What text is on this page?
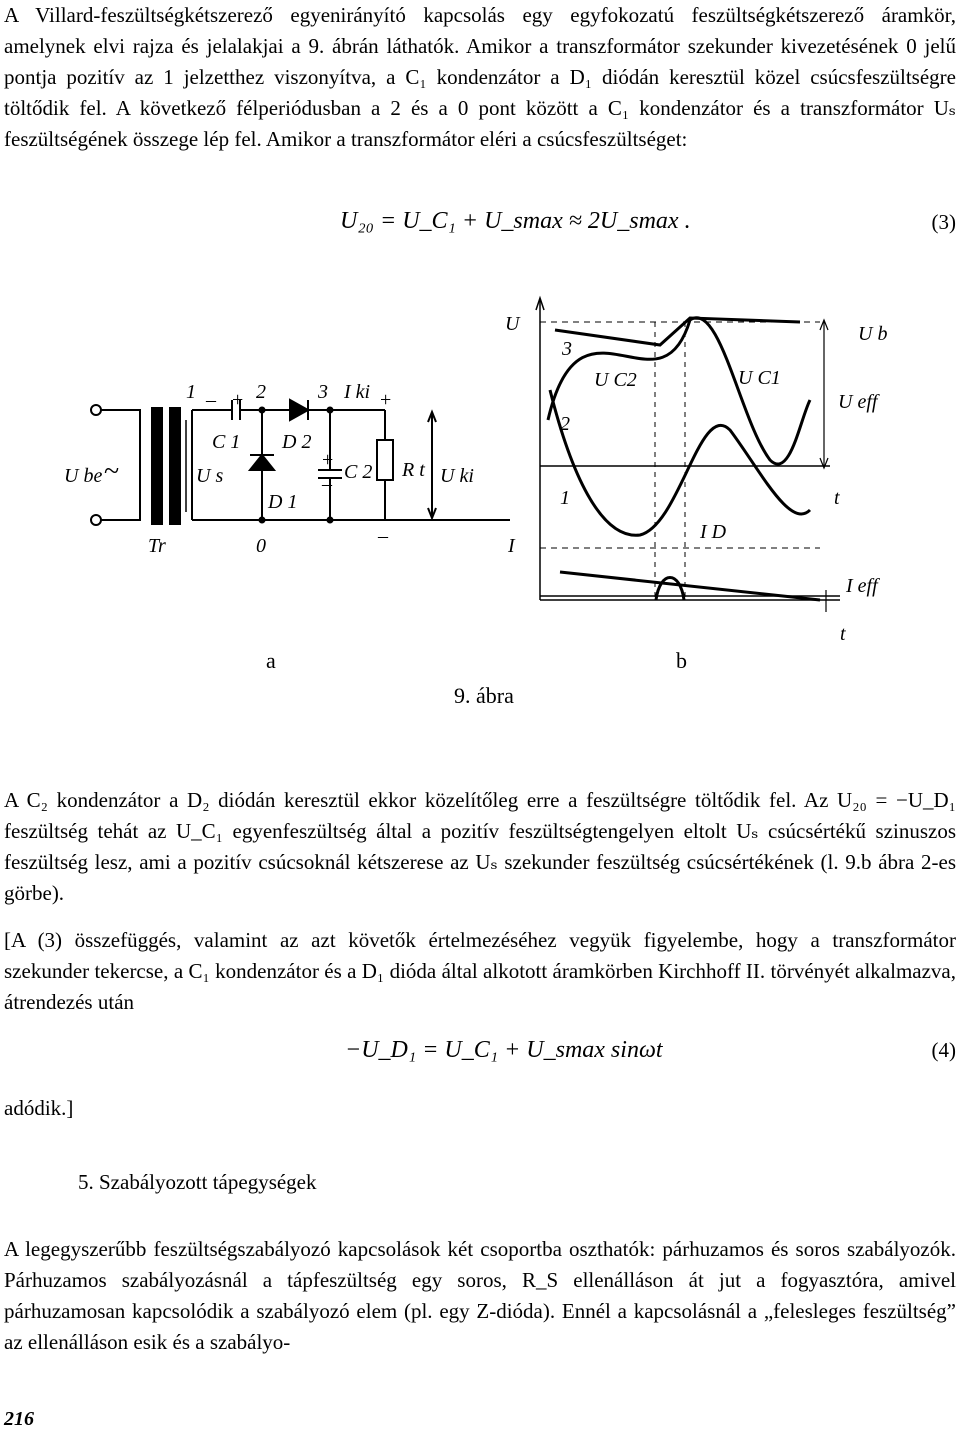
A Villard-feszültségkétszerező egyenirányító kapcsolás egy egyfokozatú feszültségkétszerező áramkör, amelynek elvi rajza és jelalakjai a 9. ábrán láthatók. Amikor a transzformátor szekunder kivezetésének 0 jelű pontja pozitív az 1 jelzetthez viszonyítva, a C₁ kondenzátor a D₁ diódán keresztül közel csúcsfeszültségre töltődik fel. A következő félperiódusban a 2 és a 0 pont között a C₁ kondenzátor és a transzformátor Uₛ feszültségének összege lép fel. Amikor a transzformátor eléri a csúcsfeszültséget:

U₂₀ = U_C₁ + U_smax ≈ 2U_smax .	(3)
U be ~
Tr
U s
1	2	3
0
C 1 D 2
D 1
C 2 R t
I ki
U ki
+	+
+
–
–
–
U
I
1
2
3
U C2	U C1
U b
U eff
t
I D
I eff
t
a	b
9. ábra

A C₂ kondenzátor a D₂ diódán keresztül ekkor közelítőleg erre a feszültségre töltődik fel. Az U₂₀ = −U_D₁ feszültség tehát az U_C₁ egyenfeszültség által a pozitív feszültségtengelyen eltolt Uₛ csúcsértékű szinuszos feszültség lesz, ami a pozitív csúcsoknál kétszerese az Uₛ szekunder feszültség csúcsértékének (l. 9.b ábra 2-es görbe).

[A (3) összefüggés, valamint az azt követők értelmezéséhez vegyük figyelembe, hogy a transzformátor szekunder tekercse, a C₁ kondenzátor és a D₁ dióda által alkotott áramkörben Kirchhoff II. törvényét alkalmazva, átrendezés után

−U_D₁ = U_C₁ + U_smax sinωt	(4)

adódik.]

5. Szabályozott tápegységek

A legegyszerűbb feszültségszabályozó kapcsolások két csoportba oszthatók: párhuzamos és soros szabályozók. Párhuzamos szabályozásnál a tápfeszültség egy soros, R_S ellenálláson át jut a fogyasztóra, amivel párhuzamosan kapcsolódik a szabályozó elem (pl. egy Z-dióda). Ennél a kapcsolásnál a „felesleges feszültség” az ellenálláson esik és a szabályo-

216
